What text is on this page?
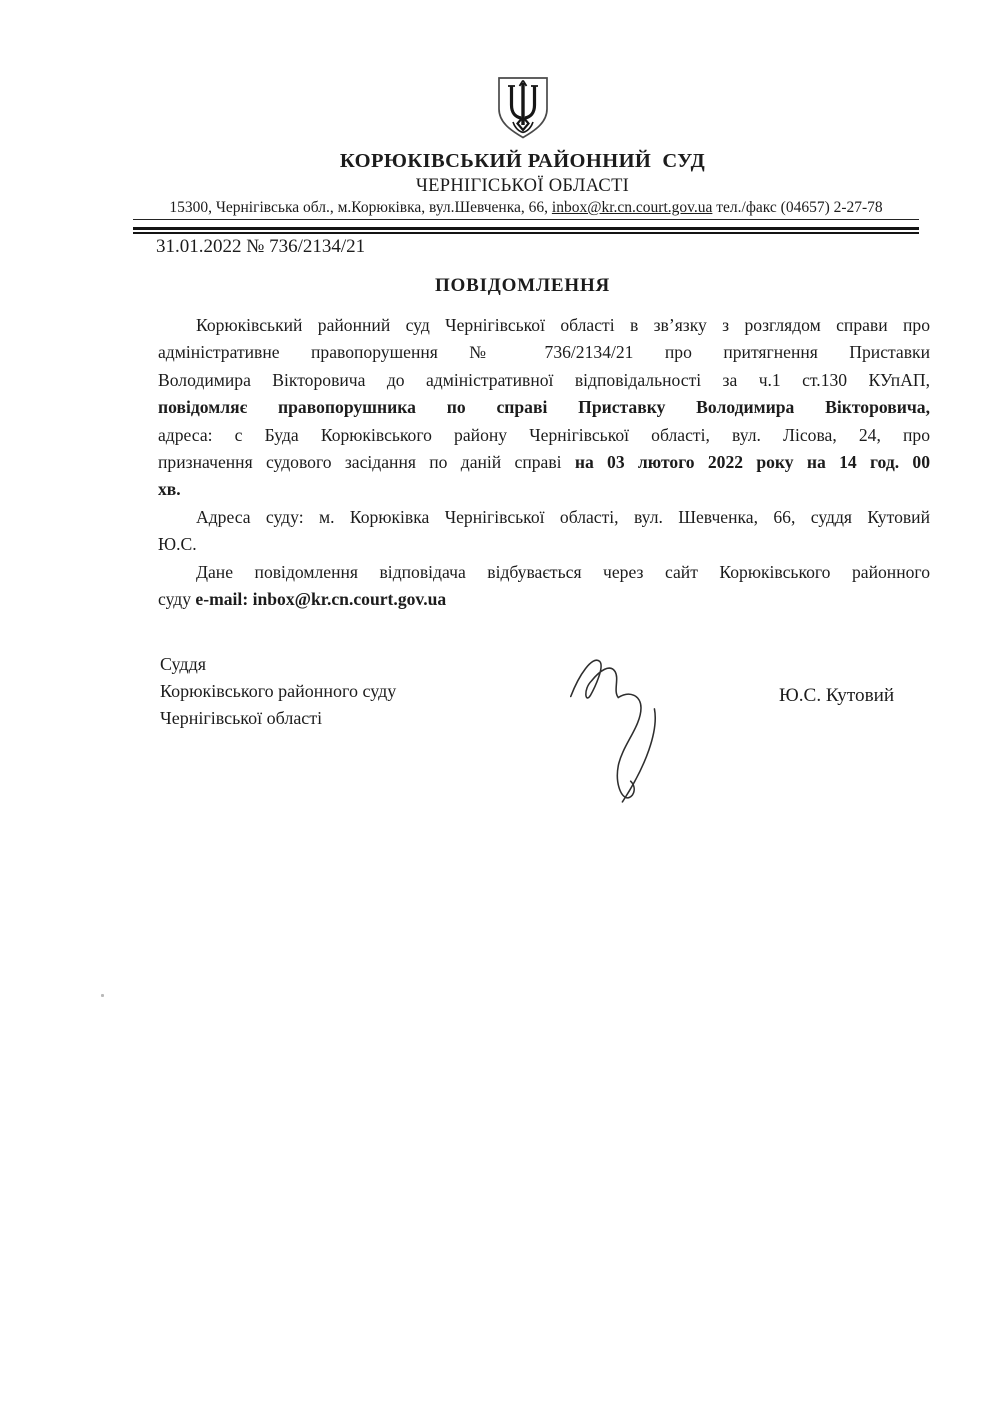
КОРЮКІВСЬКИЙ РАЙОННИЙ  СУД
ЧЕРНІГІСЬКОЇ ОБЛАСТІ
15300, Чернігівська обл., м.Корюківка, вул.Шевченка, 66, inbox@kr.cn.court.gov.ua тел./факс (04657) 2-27-78
31.01.2022 № 736/2134/21
ПОВІДОМЛЕННЯ
Корюківський районний суд Чернігівської області в зв’язку з розглядом справи про
адміністративне правопорушення № 736/2134/21 про притягнення Приставки
Володимира Вікторовича до адміністративної відповідальності за ч.1 ст.130 КУпАП,
повідомляє правопорушника по справі Приставку Володимира Вікторовича,
адреса: с Буда Корюківського району Чернігівської області, вул. Лісова, 24, про
призначення судового засідання по даній справі на 03 лютого 2022 року на 14 год. 00
хв.
Адреса суду: м. Корюківка Чернігівської області, вул. Шевченка, 66, суддя Кутовий
Ю.С.
Дане повідомлення відповідача відбувається через сайт Корюківського районного
суду e-mail: inbox@kr.cn.court.gov.ua
Суддя
Корюківського районного суду
Чернігівської області
Ю.С. Кутовий
